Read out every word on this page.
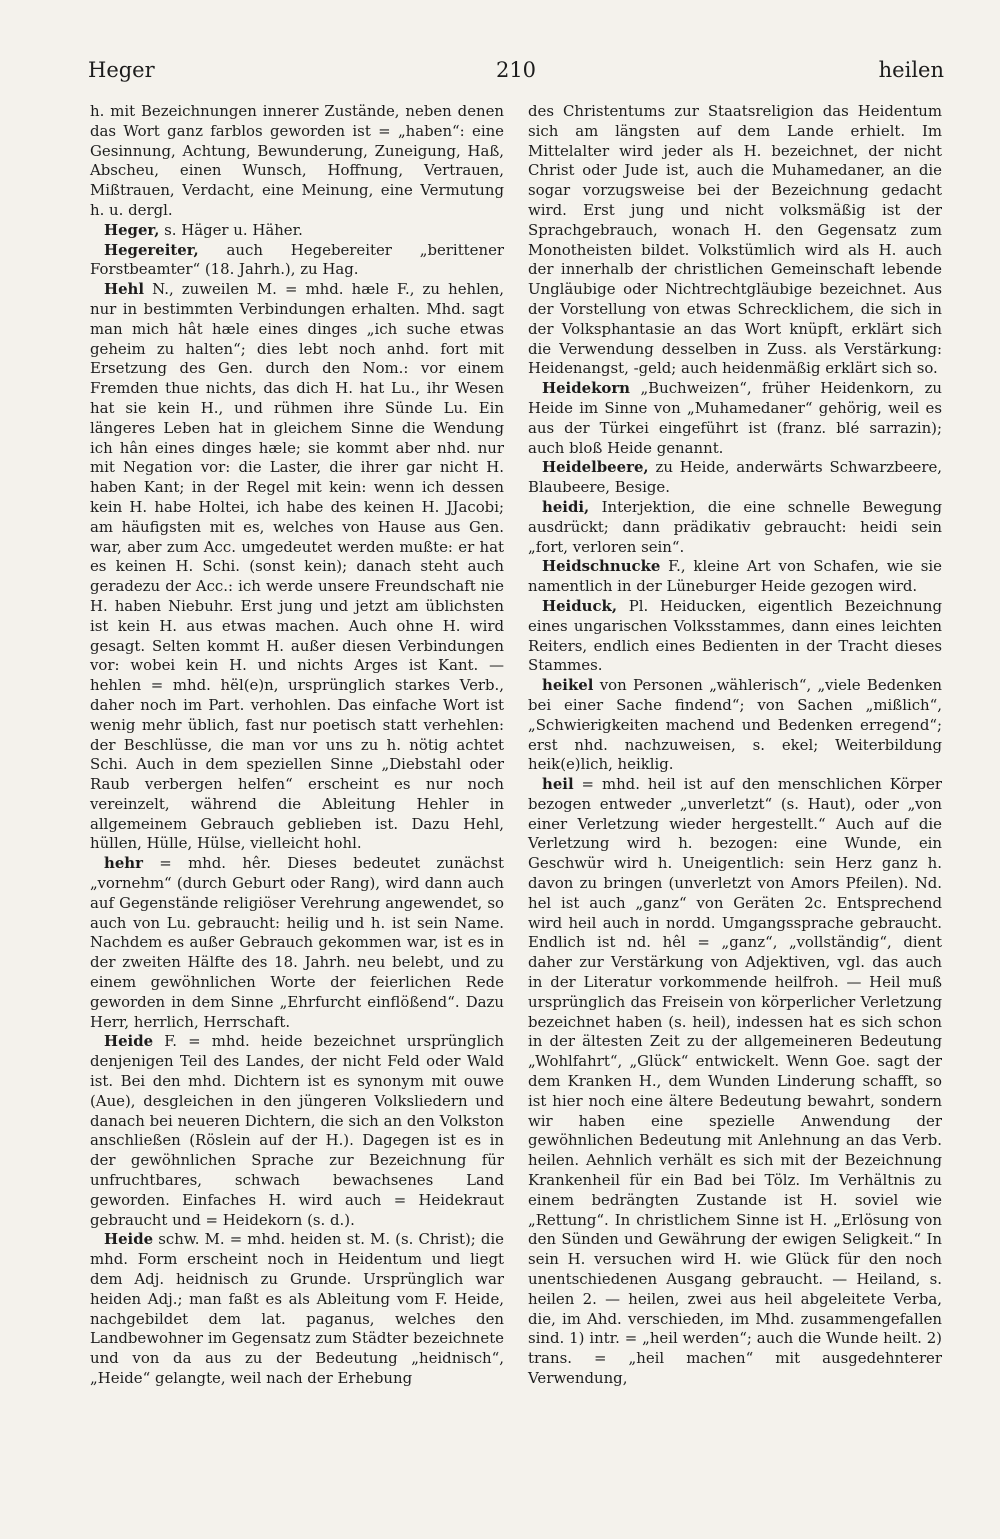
210
Heger	heilen

h. mit Bezeichnungen innerer Zustände, neben denen das Wort ganz farblos geworden ist = „haben“: eine Gesinnung, Achtung, Bewunderung, Zuneigung, Haß, Abscheu, einen Wunsch, Hoffnung, Vertrauen, Mißtrauen, Verdacht, eine Meinung, eine Vermutung h. u. dergl.

Heger, s. Häger u. Häher.

Hegereiter, auch Hegebereiter „berittener Forstbeamter“ (18. Jahrh.), zu Hag.

Hehl N., zuweilen M. = mhd. hæle F., zu hehlen, nur in bestimmten Verbindungen erhalten. Mhd. sagt man mich hât hæle eines dinges „ich suche etwas geheim zu halten“; dies lebt noch anhd. fort mit Ersetzung des Gen. durch den Nom.: vor einem Fremden thue nichts, das dich H. hat Lu., ihr Wesen hat sie kein H., und rühmen ihre Sünde Lu. Ein längeres Leben hat in gleichem Sinne die Wendung ich hân eines dinges hæle; sie kommt aber nhd. nur mit Negation vor: die Laster, die ihrer gar nicht H. haben Kant; in der Regel mit kein: wenn ich dessen kein H. habe Holtei, ich habe des keinen H. JJacobi; am häufigsten mit es, welches von Hause aus Gen. war, aber zum Acc. umgedeutet werden mußte: er hat es keinen H. Schi. (sonst kein); danach steht auch geradezu der Acc.: ich werde unsere Freundschaft nie H. haben Niebuhr. Erst jung und jetzt am üblichsten ist kein H. aus etwas machen. Auch ohne H. wird gesagt. Selten kommt H. außer diesen Verbindungen vor: wobei kein H. und nichts Arges ist Kant. — hehlen = mhd. hël(e)n, ursprünglich starkes Verb., daher noch im Part. verhohlen. Das einfache Wort ist wenig mehr üblich, fast nur poetisch statt verhehlen: der Beschlüsse, die man vor uns zu h. nötig achtet Schi. Auch in dem speziellen Sinne „Diebstahl oder Raub verbergen helfen“ erscheint es nur noch vereinzelt, während die Ableitung Hehler in allgemeinem Gebrauch geblieben ist. Dazu Hehl, hüllen, Hülle, Hülse, vielleicht hohl.

hehr = mhd. hêr. Dieses bedeutet zunächst „vornehm“ (durch Geburt oder Rang), wird dann auch auf Gegenstände religiöser Verehrung angewendet, so auch von Lu. gebraucht: heilig und h. ist sein Name. Nachdem es außer Gebrauch gekommen war, ist es in der zweiten Hälfte des 18. Jahrh. neu belebt, und zu einem gewöhnlichen Worte der feierlichen Rede geworden in dem Sinne „Ehrfurcht einflößend“. Dazu Herr, herrlich, Herrschaft.

Heide F. = mhd. heide bezeichnet ursprünglich denjenigen Teil des Landes, der nicht Feld oder Wald ist. Bei den mhd. Dichtern ist es synonym mit ouwe (Aue), desgleichen in den jüngeren Volksliedern und danach bei neueren Dichtern, die sich an den Volkston anschließen (Röslein auf der H.). Dagegen ist es in der gewöhnlichen Sprache zur Bezeichnung für unfruchtbares, schwach bewachsenes Land geworden. Einfaches H. wird auch = Heidekraut gebraucht und = Heidekorn (s. d.).

Heide schw. M. = mhd. heiden st. M. (s. Christ); die mhd. Form erscheint noch in Heidentum und liegt dem Adj. heidnisch zu Grunde. Ursprünglich war heiden Adj.; man faßt es als Ableitung vom F. Heide, nachgebildet dem lat. paganus, welches den Landbewohner im Gegensatz zum Städter bezeichnete und von da aus zu der Bedeutung „heidnisch“, „Heide“ gelangte, weil nach der Erhebung

des Christentums zur Staatsreligion das Heidentum sich am längsten auf dem Lande erhielt. Im Mittelalter wird jeder als H. bezeichnet, der nicht Christ oder Jude ist, auch die Muhamedaner, an die sogar vorzugsweise bei der Bezeichnung gedacht wird. Erst jung und nicht volksmäßig ist der Sprachgebrauch, wonach H. den Gegensatz zum Monotheisten bildet. Volkstümlich wird als H. auch der innerhalb der christlichen Gemeinschaft lebende Ungläubige oder Nichtrechtgläubige bezeichnet. Aus der Vorstellung von etwas Schrecklichem, die sich in der Volksphantasie an das Wort knüpft, erklärt sich die Verwendung desselben in Zuss. als Verstärkung: Heidenangst, -geld; auch heidenmäßig erklärt sich so.

Heidekorn „Buchweizen“, früher Heidenkorn, zu Heide im Sinne von „Muhamedaner“ gehörig, weil es aus der Türkei eingeführt ist (franz. blé sarrazin); auch bloß Heide genannt.

Heidelbeere, zu Heide, anderwärts Schwarzbeere, Blaubeere, Besige.

heidi, Interjektion, die eine schnelle Bewegung ausdrückt; dann prädikativ gebraucht: heidi sein „fort, verloren sein“.

Heidschnucke F., kleine Art von Schafen, wie sie namentlich in der Lüneburger Heide gezogen wird.

Heiduck, Pl. Heiducken, eigentlich Bezeichnung eines ungarischen Volksstammes, dann eines leichten Reiters, endlich eines Bedienten in der Tracht dieses Stammes.

heikel von Personen „wählerisch“, „viele Bedenken bei einer Sache findend“; von Sachen „mißlich“, „Schwierigkeiten machend und Bedenken erregend“; erst nhd. nachzuweisen, s. ekel; Weiterbildung heik(e)lich, heiklig.

heil = mhd. heil ist auf den menschlichen Körper bezogen entweder „unverletzt“ (s. Haut), oder „von einer Verletzung wieder hergestellt.“ Auch auf die Verletzung wird h. bezogen: eine Wunde, ein Geschwür wird h. Uneigentlich: sein Herz ganz h. davon zu bringen (unverletzt von Amors Pfeilen). Nd. hel ist auch „ganz“ von Geräten 2c. Entsprechend wird heil auch in nordd. Umgangssprache gebraucht. Endlich ist nd. hêl = „ganz“, „vollständig“, dient daher zur Verstärkung von Adjektiven, vgl. das auch in der Literatur vorkommende heilfroh. — Heil muß ursprünglich das Freisein von körperlicher Verletzung bezeichnet haben (s. heil), indessen hat es sich schon in der ältesten Zeit zu der allgemeineren Bedeutung „Wohlfahrt“, „Glück“ entwickelt. Wenn Goe. sagt der dem Kranken H., dem Wunden Linderung schafft, so ist hier noch eine ältere Bedeutung bewahrt, sondern wir haben eine spezielle Anwendung der gewöhnlichen Bedeutung mit Anlehnung an das Verb. heilen. Aehnlich verhält es sich mit der Bezeichnung Krankenheil für ein Bad bei Tölz. Im Verhältnis zu einem bedrängten Zustande ist H. soviel wie „Rettung“. In christlichem Sinne ist H. „Erlösung von den Sünden und Gewährung der ewigen Seligkeit.“ In sein H. versuchen wird H. wie Glück für den noch unentschiedenen Ausgang gebraucht. — Heiland, s. heilen 2. — heilen, zwei aus heil abgeleitete Verba, die, im Ahd. verschieden, im Mhd. zusammengefallen sind. 1) intr. = „heil werden“; auch die Wunde heilt. 2) trans. = „heil machen“ mit ausgedehnterer Verwendung,
